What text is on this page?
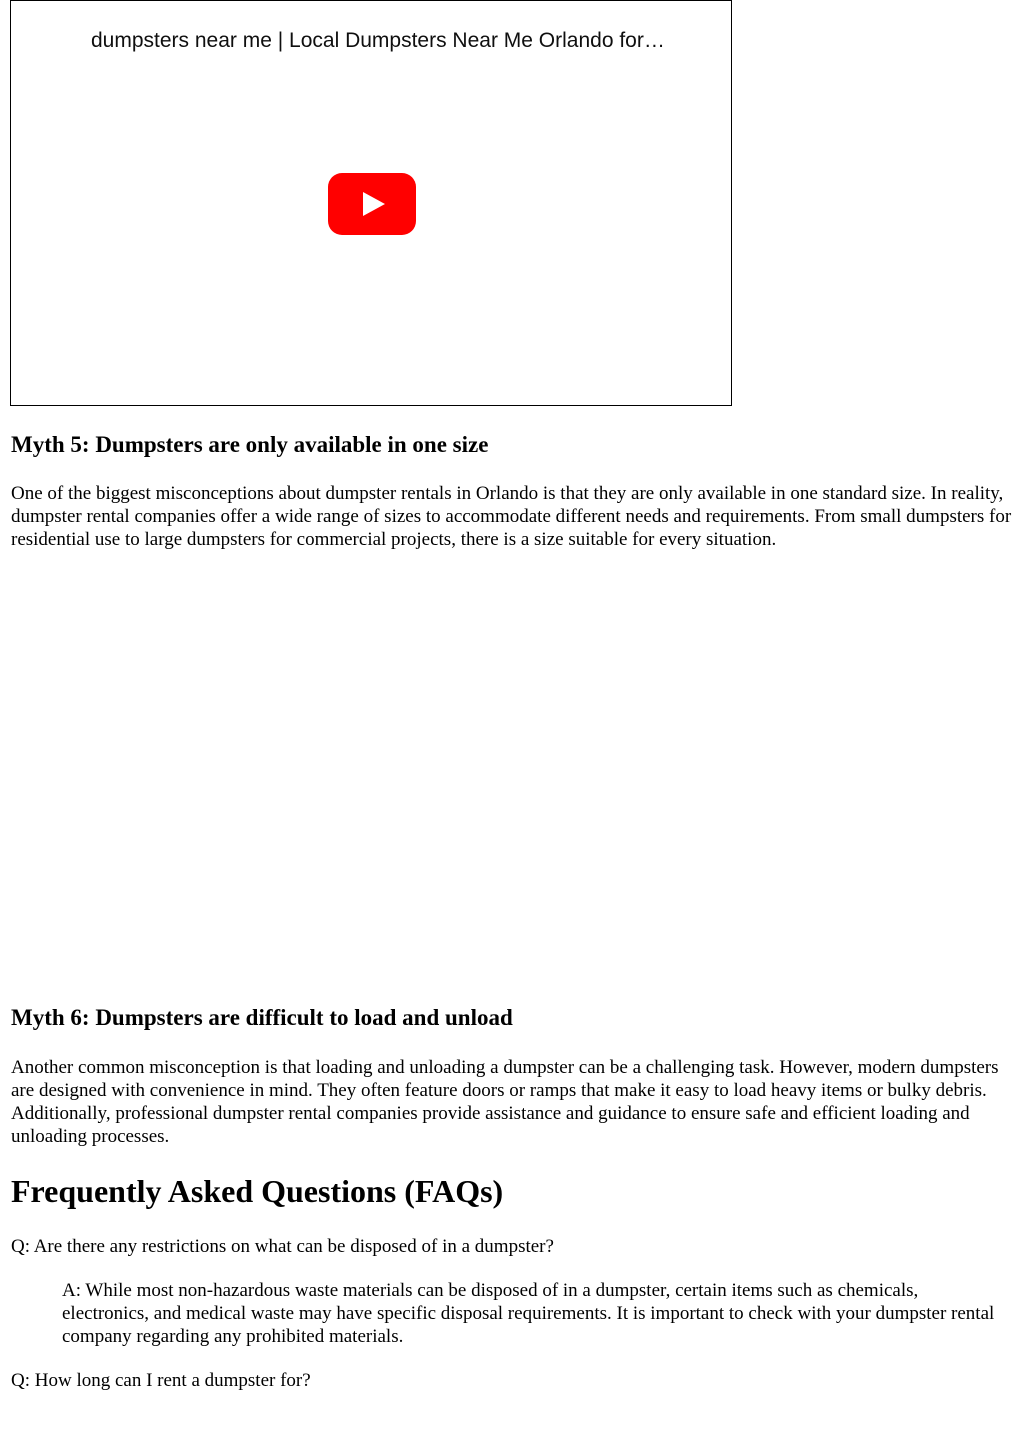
dumpsters near me | Local Dumpsters Near Me Orlando for…
Myth 5: Dumpsters are only available in one size

One of the biggest misconceptions about dumpster rentals in Orlando is that they are only available in one standard size. In reality, dumpster rental companies offer a wide range of sizes to accommodate different needs and requirements. From small dumpsters for residential use to large dumpsters for commercial projects, there is a size suitable for every situation.

Myth 6: Dumpsters are difficult to load and unload

Another common misconception is that loading and unloading a dumpster can be a challenging task. However, modern dumpsters are designed with convenience in mind. They often feature doors or ramps that make it easy to load heavy items or bulky debris. Additionally, professional dumpster rental companies provide assistance and guidance to ensure safe and efficient loading and unloading processes.

Frequently Asked Questions (FAQs)

Q: Are there any restrictions on what can be disposed of in a dumpster?

A: While most non-hazardous waste materials can be disposed of in a dumpster, certain items such as chemicals, electronics, and medical waste may have specific disposal requirements. It is important to check with your dumpster rental company regarding any prohibited materials.

Q: How long can I rent a dumpster for?
